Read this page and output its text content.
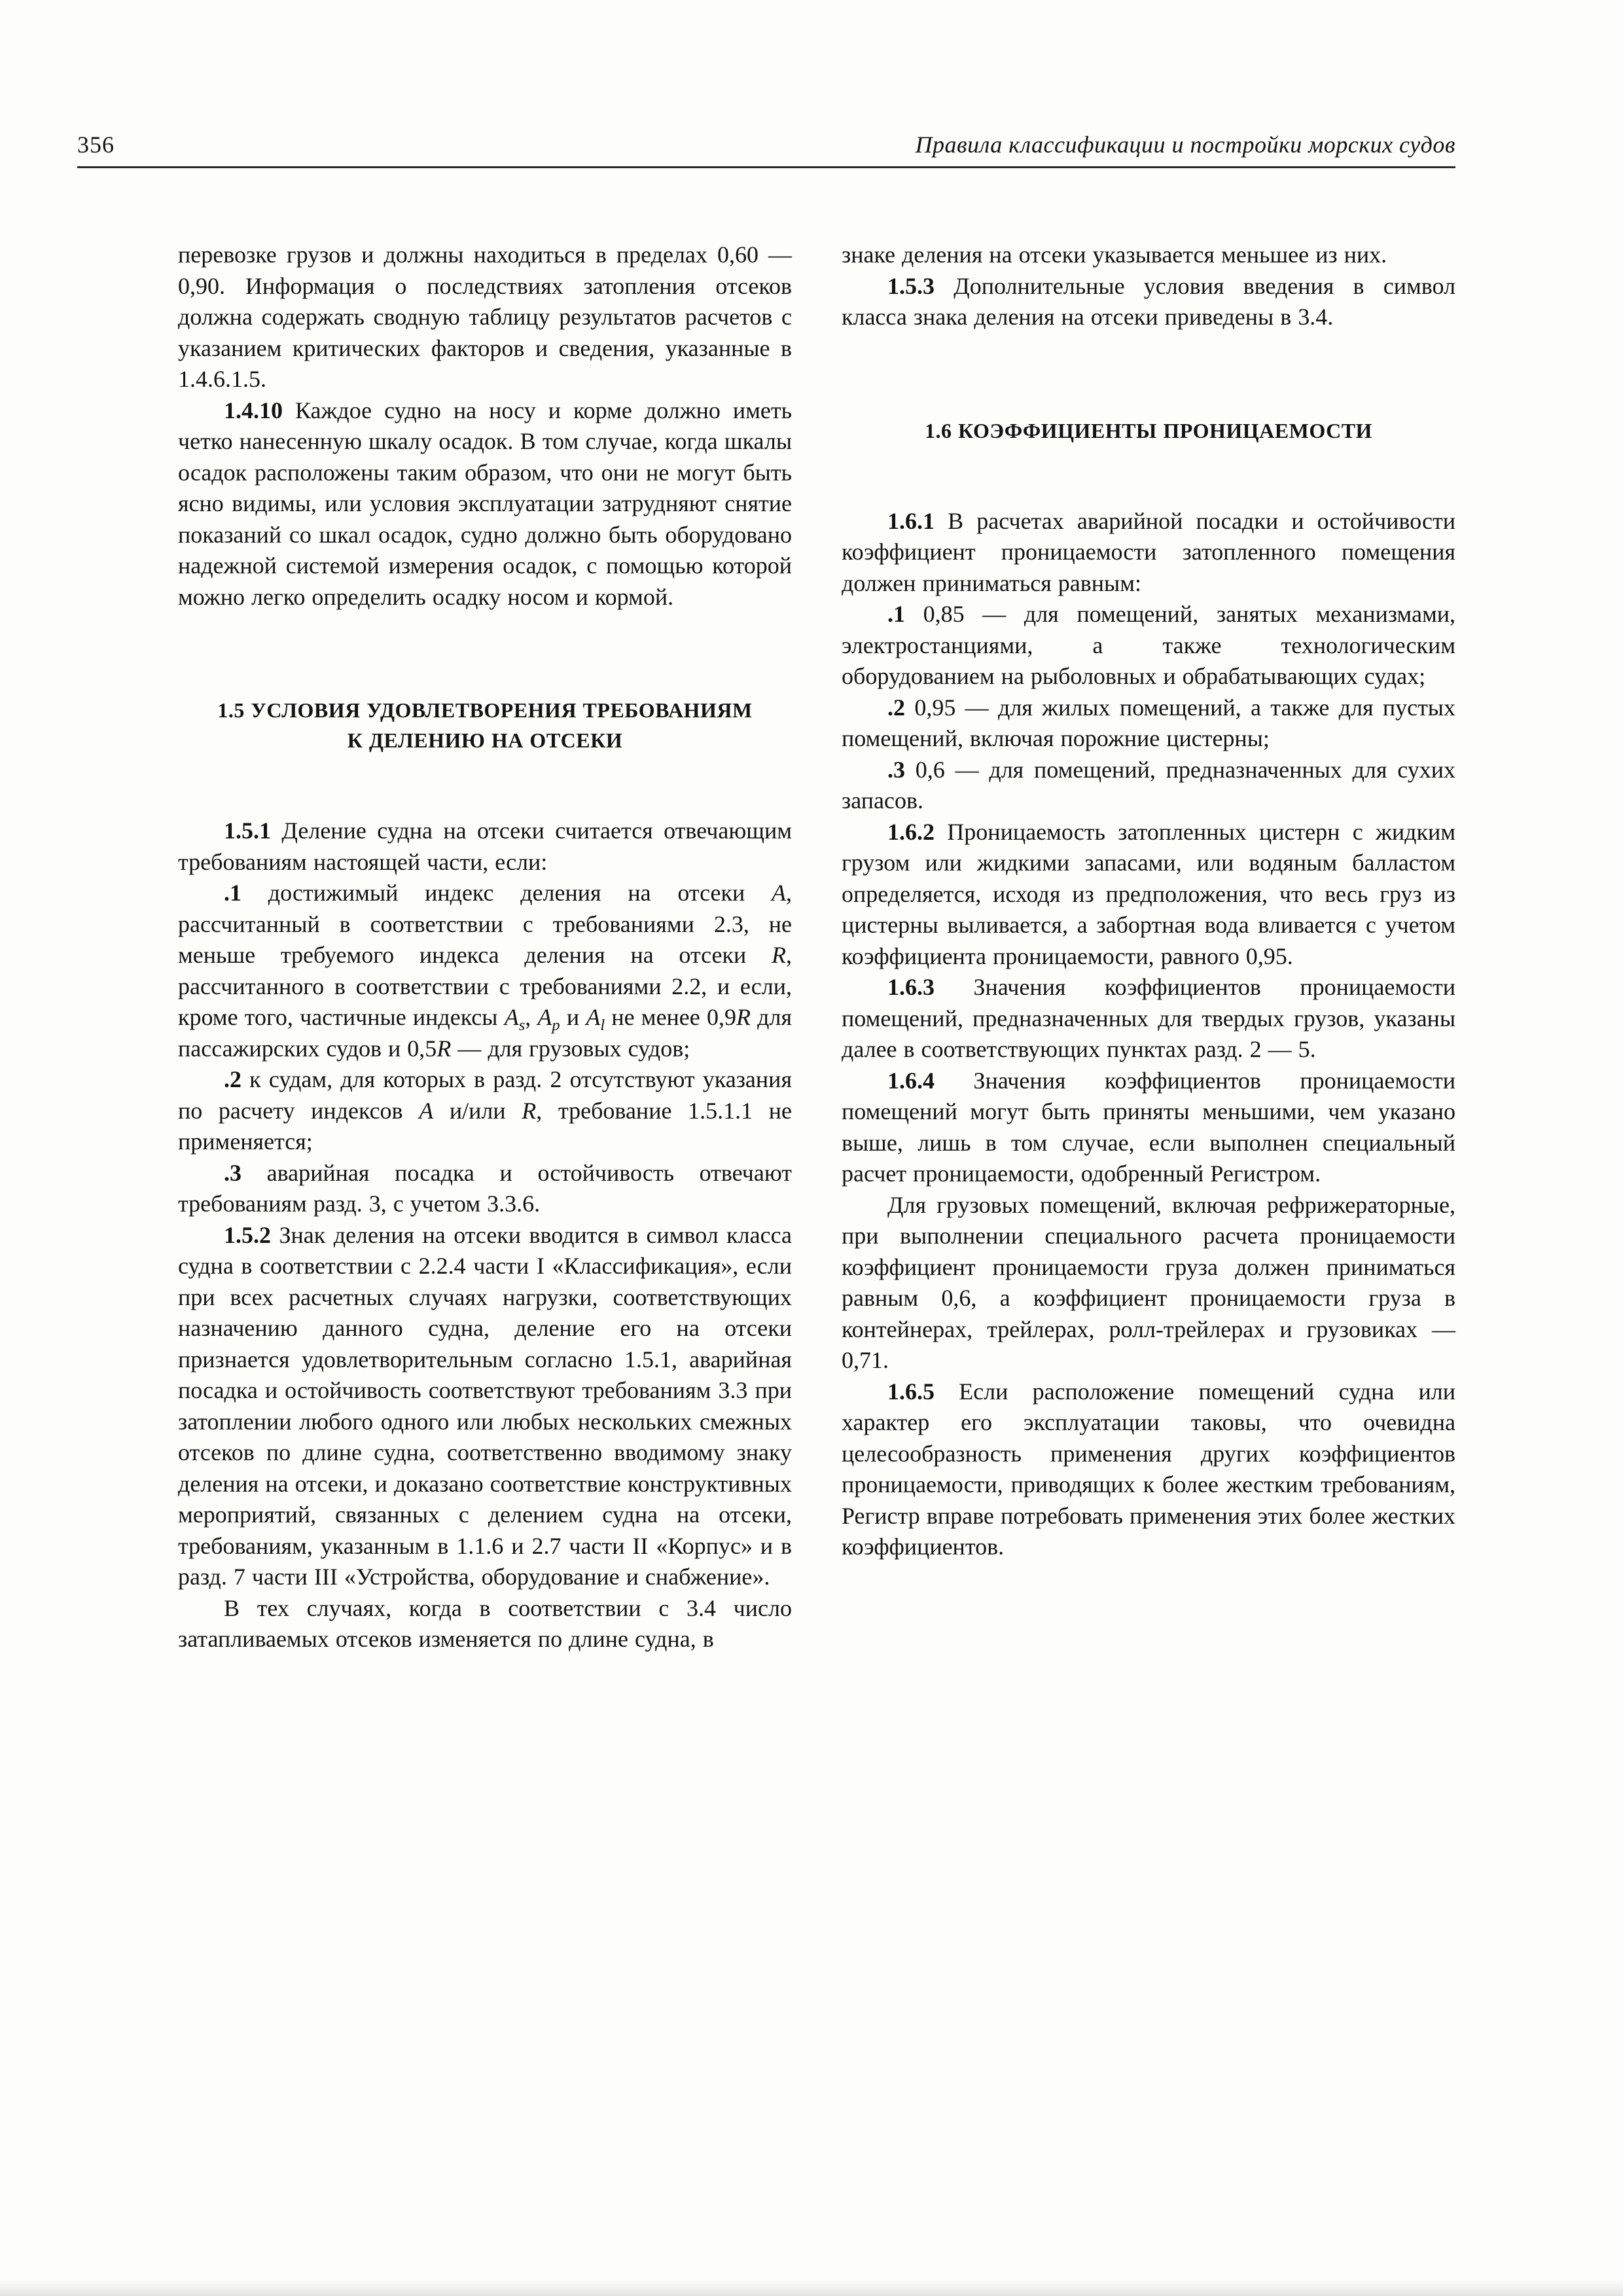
356	Правила классификации и постройки морских судов

перевозке грузов и должны находиться в пределах 0,60 — 0,90. Информация о последствиях затопления отсеков должна содержать сводную таблицу результатов расчетов с указанием критических факторов и сведения, указанные в 1.4.6.1.5.

1.4.10 Каждое судно на носу и корме должно иметь четко нанесенную шкалу осадок. В том случае, когда шкалы осадок расположены таким образом, что они не могут быть ясно видимы, или условия эксплуатации затрудняют снятие показаний со шкал осадок, судно должно быть оборудовано надежной системой измерения осадок, с помощью которой можно легко определить осадку носом и кормой.

1.5 УСЛОВИЯ УДОВЛЕТВОРЕНИЯ ТРЕБОВАНИЯМ
К ДЕЛЕНИЮ НА ОТСЕКИ

1.5.1 Деление судна на отсеки считается отвечающим требованиям настоящей части, если:

.1 достижимый индекс деления на отсеки A, рассчитанный в соответствии с требованиями 2.3, не меньше требуемого индекса деления на отсеки R, рассчитанного в соответствии с требованиями 2.2, и если, кроме того, частичные индексы $A_s$, $A_p$ и $A_l$ не менее 0,9R для пассажирских судов и 0,5R — для грузовых судов;

.2 к судам, для которых в разд. 2 отсутствуют указания по расчету индексов A и/или R, требование 1.5.1.1 не применяется;

.3 аварийная посадка и остойчивость отвечают требованиям разд. 3, с учетом 3.3.6.

1.5.2 Знак деления на отсеки вводится в символ класса судна в соответствии с 2.2.4 части I «Классификация», если при всех расчетных случаях нагрузки, соответствующих назначению данного судна, деление его на отсеки признается удовлетворительным согласно 1.5.1, аварийная посадка и остойчивость соответствуют требованиям 3.3 при затоплении любого одного или любых нескольких смежных отсеков по длине судна, соответственно вводимому знаку деления на отсеки, и доказано соответствие конструктивных мероприятий, связанных с делением судна на отсеки, требованиям, указанным в 1.1.6 и 2.7 части II «Корпус» и в разд. 7 части III «Устройства, оборудование и снабжение».

В тех случаях, когда в соответствии с 3.4 число затапливаемых отсеков изменяется по длине судна, в

знаке деления на отсеки указывается меньшее из них.

1.5.3 Дополнительные условия введения в символ класса знака деления на отсеки приведены в 3.4.

1.6 КОЭФФИЦИЕНТЫ ПРОНИЦАЕМОСТИ

1.6.1 В расчетах аварийной посадки и остойчивости коэффициент проницаемости затопленного помещения должен приниматься равным:

.1 0,85 — для помещений, занятых механизмами, электростанциями, а также технологическим оборудованием на рыболовных и обрабатывающих судах;

.2 0,95 — для жилых помещений, а также для пустых помещений, включая порожние цистерны;

.3 0,6 — для помещений, предназначенных для сухих запасов.

1.6.2 Проницаемость затопленных цистерн с жидким грузом или жидкими запасами, или водяным балластом определяется, исходя из предположения, что весь груз из цистерны выливается, а забортная вода вливается с учетом коэффициента проницаемости, равного 0,95.

1.6.3 Значения коэффициентов проницаемости помещений, предназначенных для твердых грузов, указаны далее в соответствующих пунктах разд. 2 — 5.

1.6.4 Значения коэффициентов проницаемости помещений могут быть приняты меньшими, чем указано выше, лишь в том случае, если выполнен специальный расчет проницаемости, одобренный Регистром.

Для грузовых помещений, включая рефрижераторные, при выполнении специального расчета проницаемости коэффициент проницаемости груза должен приниматься равным 0,6, а коэффициент проницаемости груза в контейнерах, трейлерах, ролл-трейлерах и грузовиках — 0,71.

1.6.5 Если расположение помещений судна или характер его эксплуатации таковы, что очевидна целесообразность применения других коэффициентов проницаемости, приводящих к более жестким требованиям, Регистр вправе потребовать применения этих более жестких коэффициентов.
